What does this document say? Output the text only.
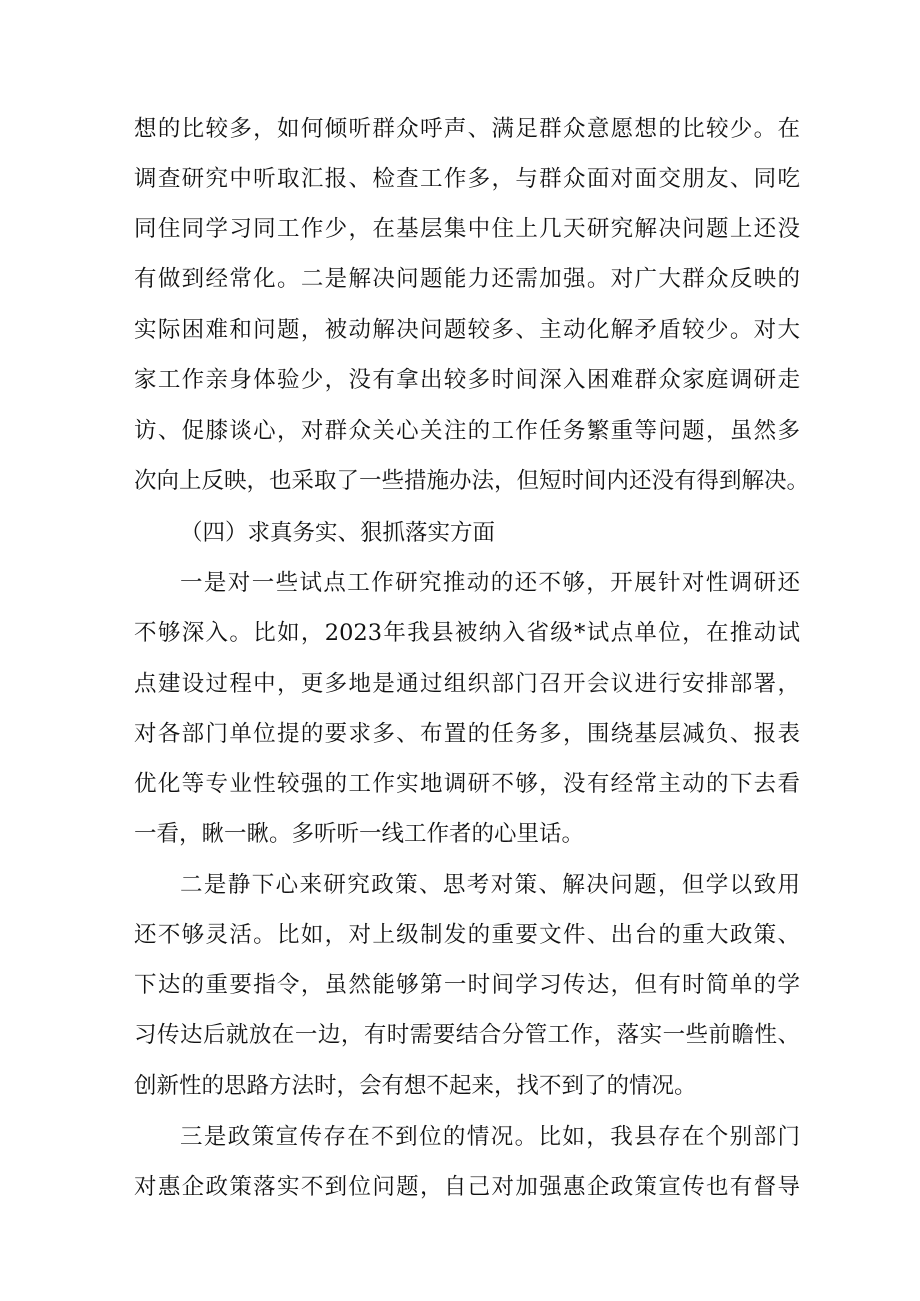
想的比较多，如何倾听群众呼声、满足群众意愿想的比较少。在
调查研究中听取汇报、检查工作多，与群众面对面交朋友、同吃
同住同学习同工作少，在基层集中住上几天研究解决问题上还没
有做到经常化。二是解决问题能力还需加强。对广大群众反映的
实际困难和问题，被动解决问题较多、主动化解矛盾较少。对大
家工作亲身体验少，没有拿出较多时间深入困难群众家庭调研走
访、促膝谈心，对群众关心关注的工作任务繁重等问题，虽然多
次向上反映，也采取了一些措施办法，但短时间内还没有得到解决。
（四）求真务实、狠抓落实方面
一是对一些试点工作研究推动的还不够，开展针对性调研还
不够深入。比如，2023年我县被纳入省级*试点单位，在推动试
点建设过程中，更多地是通过组织部门召开会议进行安排部署，
对各部门单位提的要求多、布置的任务多，围绕基层减负、报表
优化等专业性较强的工作实地调研不够，没有经常主动的下去看
一看，瞅一瞅。多听听一线工作者的心里话。
二是静下心来研究政策、思考对策、解决问题，但学以致用
还不够灵活。比如，对上级制发的重要文件、出台的重大政策、
下达的重要指令，虽然能够第一时间学习传达，但有时简单的学
习传达后就放在一边，有时需要结合分管工作，落实一些前瞻性、
创新性的思路方法时，会有想不起来，找不到了的情况。
三是政策宣传存在不到位的情况。比如，我县存在个别部门
对惠企政策落实不到位问题，自己对加强惠企政策宣传也有督导
